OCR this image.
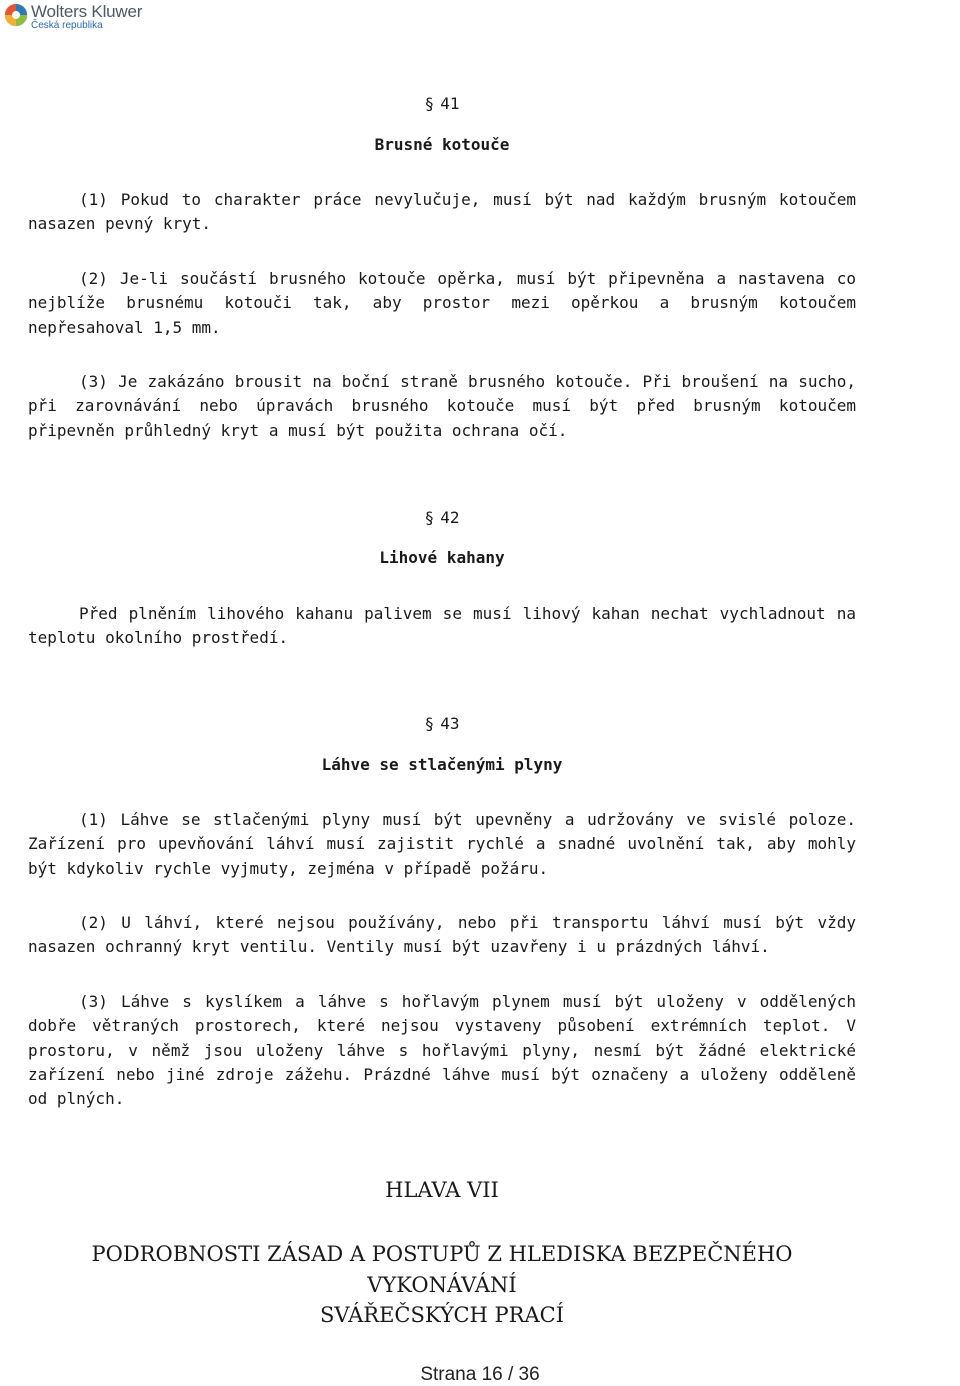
Wolters Kluwer
Česká republika
§ 41
Brusné kotouče

(1) Pokud to charakter práce nevylučuje, musí být nad každým brusným kotoučem nasazen pevný kryt.

(2) Je-li součástí brusného kotouče opěrka, musí být připevněna a nastavena co nejblíže brusnému kotouči tak, aby prostor mezi opěrkou a brusným kotoučem nepřesahoval 1,5 mm.

(3) Je zakázáno brousit na boční straně brusného kotouče. Při broušení na sucho, při zarovnávání nebo úpravách brusného kotouče musí být před brusným kotoučem připevněn průhledný kryt a musí být použita ochrana očí.

§ 42
Lihové kahany

Před plněním lihového kahanu palivem se musí lihový kahan nechat vychladnout na teplotu okolního prostředí.

§ 43
Láhve se stlačenými plyny

(1) Láhve se stlačenými plyny musí být upevněny a udržovány ve svislé poloze. Zařízení pro upevňování láhví musí zajistit rychlé a snadné uvolnění tak, aby mohly být kdykoliv rychle vyjmuty, zejména v případě požáru.

(2) U láhví, které nejsou používány, nebo při transportu láhví musí být vždy nasazen ochranný kryt ventilu. Ventily musí být uzavřeny i u prázdných láhví.

(3) Láhve s kyslíkem a láhve s hořlavým plynem musí být uloženy v oddělených dobře větraných prostorech, které nejsou vystaveny působení extrémních teplot. V prostoru, v němž jsou uloženy láhve s hořlavými plyny, nesmí být žádné elektrické zařízení nebo jiné zdroje zážehu. Prázdné láhve musí být označeny a uloženy odděleně od plných.

HLAVA VII
PODROBNOSTI ZÁSAD A POSTUPŮ Z HLEDISKA BEZPEČNÉHO VYKONÁVÁNÍ
SVÁŘEČSKÝCH PRACÍ
Strana 16 / 36
